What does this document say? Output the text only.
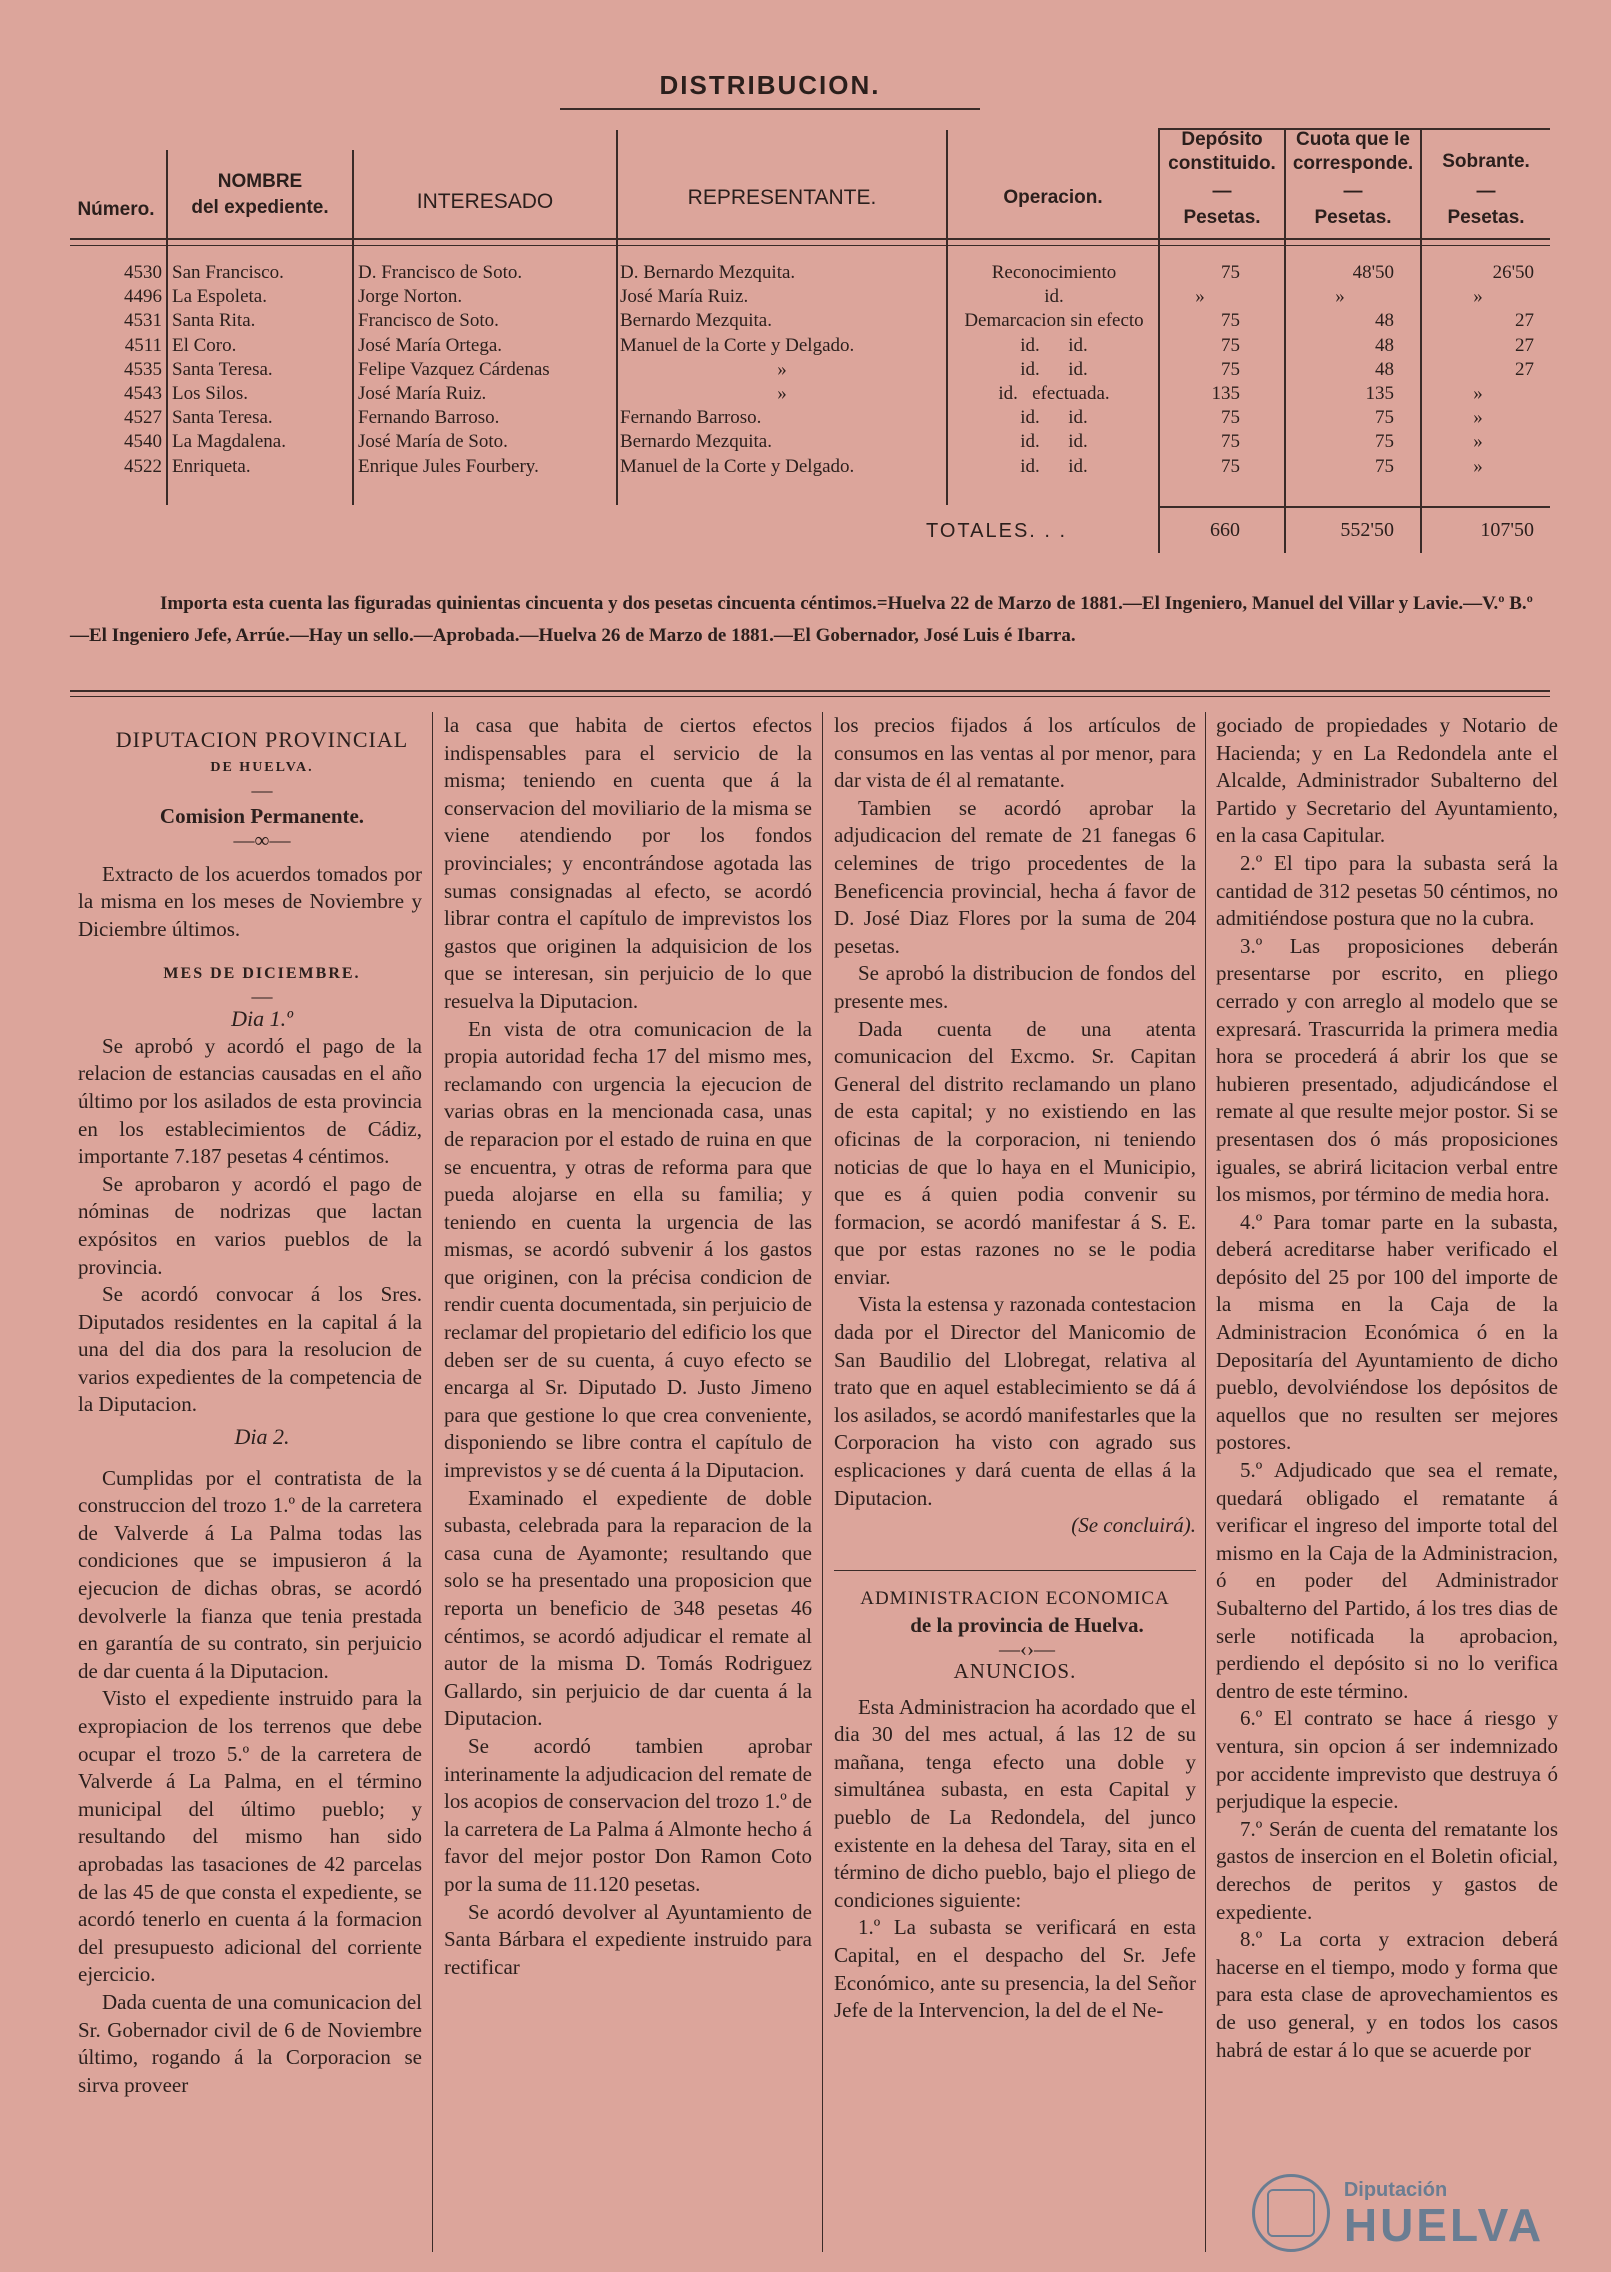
DISTRIBUCION.
Número.
NOMBRE
del expediente.	INTERESADO	REPRESENTANTE.	Operacion.
Depósito
constituido.
—
Pesetas.
Cuota que le
corresponde.
—
Pesetas.
Sobrante.
—
Pesetas.
4530 San Francisco.	D. Francisco de Soto.	D. Bernardo Mezquita.	Reconocimiento	75	48'50	26'50
4496 La Espoleta.	Jorge Norton.	José María Ruiz.	id.	»	»	»
4531 Santa Rita.	Francisco de Soto.	Bernardo Mezquita.	Demarcacion sin efecto	75	48	27
4511 El Coro.	José María Ortega.	Manuel de la Corte y Delgado.	id.      id.	75	48	27
4535 Santa Teresa.	Felipe Vazquez Cárdenas	»	id.      id.	75	48	27
4543 Los Silos.	José María Ruiz.	»	id.   efectuada.	135	135	»
4527 Santa Teresa.	Fernando Barroso.	Fernando Barroso.	id.      id.	75	75	»
4540 La Magdalena.	José María de Soto.	Bernardo Mezquita.	id.      id.	75	75	»
4522 Enriqueta.	Enrique Jules Fourbery.	Manuel de la Corte y Delgado.	id.      id.	75	75	»
TOTALES. . .	660	552'50	107'50
Importa esta cuenta las figuradas quinientas cincuenta y dos pesetas cincuenta céntimos.=Huelva 22 de Marzo de 1881.—El Ingeniero, Manuel del Villar y Lavie.—V.º B.º—El Ingeniero Jefe, Arrúe.—Hay un sello.—Aprobada.—Huelva 26 de Marzo de 1881.—El Gobernador, José Luis é Ibarra.

DIPUTACION PROVINCIAL

DE HUELVA.

—

Comision Permanente.

—∞—

Extracto de los acuerdos tomados por la misma en los meses de Noviembre y Diciembre últimos.

MES DE DICIEMBRE.

—

Dia 1.º

Se aprobó y acordó el pago de la relacion de estancias causadas en el año último por los asilados de esta provincia en los establecimientos de Cádiz, importante 7.187 pesetas 4 céntimos.

Se aprobaron y acordó el pago de nóminas de nodrizas que lactan expósitos en varios pueblos de la provincia.

Se acordó convocar á los Sres. Diputados residentes en la capital á la una del dia dos para la resolucion de varios expedientes de la competencia de la Diputacion.

Dia 2.

Cumplidas por el contratista de la construccion del trozo 1.º de la carretera de Valverde á La Palma todas las condiciones que se impusieron á la ejecucion de dichas obras, se acordó devolverle la fianza que tenia prestada en garantía de su contrato, sin perjuicio de dar cuenta á la Diputacion.

Visto el expediente instruido para la expropiacion de los terrenos que debe ocupar el trozo 5.º de la carretera de Valverde á La Palma, en el término municipal del último pueblo; y resultando del mismo han sido aprobadas las tasaciones de 42 parcelas de las 45 de que consta el expediente, se acordó tenerlo en cuenta á la formacion del presupuesto adicional del corriente ejercicio.

Dada cuenta de una comunicacion del Sr. Gobernador civil de 6 de Noviembre último, rogando á la Corporacion se sirva proveer

la casa que habita de ciertos efectos indispensables para el servicio de la misma; teniendo en cuenta que á la conservacion del moviliario de la misma se viene atendiendo por los fondos provinciales; y encontrándose agotada las sumas consignadas al efecto, se acordó librar contra el capítulo de imprevistos los gastos que originen la adquisicion de los que se interesan, sin perjuicio de lo que resuelva la Diputacion.

En vista de otra comunicacion de la propia autoridad fecha 17 del mismo mes, reclamando con urgencia la ejecucion de varias obras en la mencionada casa, unas de reparacion por el estado de ruina en que se encuentra, y otras de reforma para que pueda alojarse en ella su familia; y teniendo en cuenta la urgencia de las mismas, se acordó subvenir á los gastos que originen, con la précisa condicion de rendir cuenta documentada, sin perjuicio de reclamar del propietario del edificio los que deben ser de su cuenta, á cuyo efecto se encarga al Sr. Diputado D. Justo Jimeno para que gestione lo que crea conveniente, disponiendo se libre contra el capítulo de imprevistos y se dé cuenta á la Diputacion.

Examinado el expediente de doble subasta, celebrada para la reparacion de la casa cuna de Ayamonte; resultando que solo se ha presentado una proposicion que reporta un beneficio de 348 pesetas 46 céntimos, se acordó adjudicar el remate al autor de la misma D. Tomás Rodriguez Gallardo, sin perjuicio de dar cuenta á la Diputacion.

Se acordó tambien aprobar interinamente la adjudicacion del remate de los acopios de conservacion del trozo 1.º de la carretera de La Palma á Almonte hecho á favor del mejor postor Don Ramon Coto por la suma de 11.120 pesetas.

Se acordó devolver al Ayuntamiento de Santa Bárbara el expediente instruido para rectificar

los precios fijados á los artículos de consumos en las ventas al por menor, para dar vista de él al rematante.

Tambien se acordó aprobar la adjudicacion del remate de 21 fanegas 6 celemines de trigo procedentes de la Beneficencia provincial, hecha á favor de D. José Diaz Flores por la suma de 204 pesetas.

Se aprobó la distribucion de fondos del presente mes.

Dada cuenta de una atenta comunicacion del Excmo. Sr. Capitan General del distrito reclamando un plano de esta capital; y no existiendo en las oficinas de la corporacion, ni teniendo noticias de que lo haya en el Municipio, que es á quien podia convenir su formacion, se acordó manifestar á S. E. que por estas razones no se le podia enviar.

Vista la estensa y razonada contestacion dada por el Director del Manicomio de San Baudilio del Llobregat, relativa al trato que en aquel establecimiento se dá á los asilados, se acordó manifestarles que la Corporacion ha visto con agrado sus esplicaciones y dará cuenta de ellas á la Diputacion.

(Se concluirá).

ADMINISTRACION ECONOMICA

de la provincia de Huelva.

—‹›—

ANUNCIOS.

Esta Administracion ha acordado que el dia 30 del mes actual, á las 12 de su mañana, tenga efecto una doble y simultánea subasta, en esta Capital y pueblo de La Redondela, del junco existente en la dehesa del Taray, sita en el término de dicho pueblo, bajo el pliego de condiciones siguiente:

1.º La subasta se verificará en esta Capital, en el despacho del Sr. Jefe Económico, ante su presencia, la del Señor Jefe de la Intervencion, la del de el Ne-

gociado de propiedades y Notario de Hacienda; y en La Redondela ante el Alcalde, Administrador Subalterno del Partido y Secretario del Ayuntamiento, en la casa Capitular.

2.º El tipo para la subasta será la cantidad de 312 pesetas 50 céntimos, no admitiéndose postura que no la cubra.

3.º Las proposiciones deberán presentarse por escrito, en pliego cerrado y con arreglo al modelo que se expresará. Trascurrida la primera media hora se procederá á abrir los que se hubieren presentado, adjudicándose el remate al que resulte mejor postor. Si se presentasen dos ó más proposiciones iguales, se abrirá licitacion verbal entre los mismos, por término de media hora.

4.º Para tomar parte en la subasta, deberá acreditarse haber verificado el depósito del 25 por 100 del importe de la misma en la Caja de la Administracion Económica ó en la Depositaría del Ayuntamiento de dicho pueblo, devolviéndose los depósitos de aquellos que no resulten ser mejores postores.

5.º Adjudicado que sea el remate, quedará obligado el rematante á verificar el ingreso del importe total del mismo en la Caja de la Administracion, ó en poder del Administrador Subalterno del Partido, á los tres dias de serle notificada la aprobacion, perdiendo el depósito si no lo verifica dentro de este término.

6.º El contrato se hace á riesgo y ventura, sin opcion á ser indemnizado por accidente imprevisto que destruya ó perjudique la especie.

7.º Serán de cuenta del rematante los gastos de insercion en el Boletin oficial, derechos de peritos y gastos de expediente.

8.º La corta y extracion deberá hacerse en el tiempo, modo y forma que para esta clase de aprovechamientos es de uso general, y en todos los casos habrá de estar á lo que se acuerde por

Diputación
HUELVA
